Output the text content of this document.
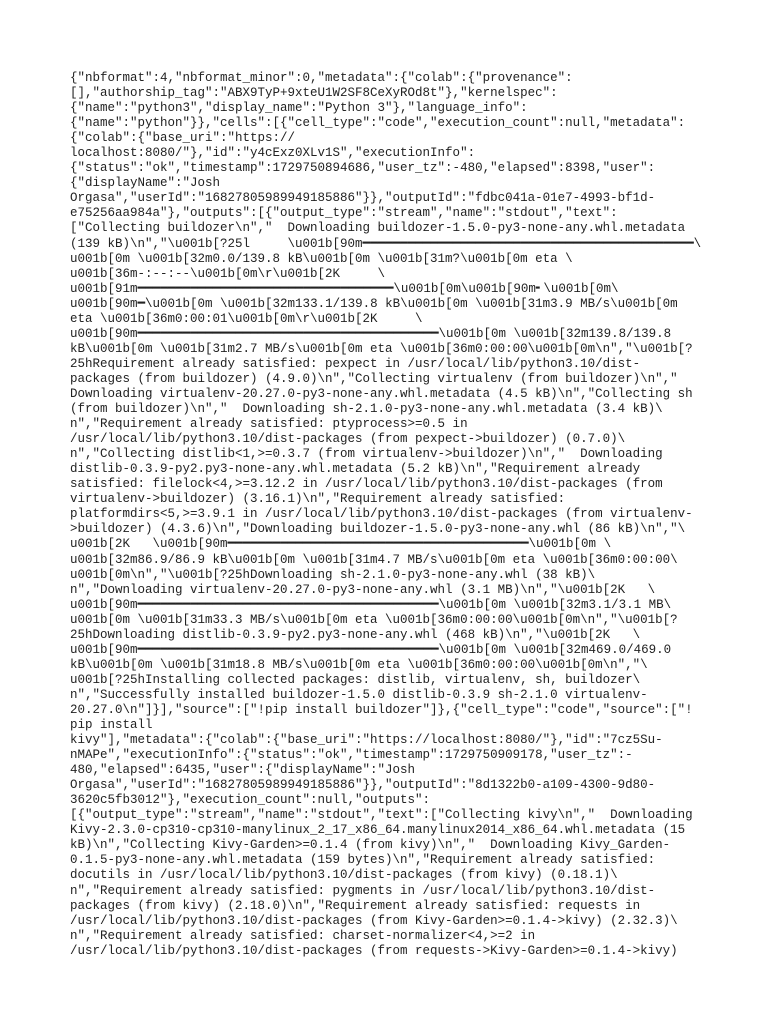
{"nbformat":4,"nbformat_minor":0,"metadata":{"colab":{"provenance":
[],"authorship_tag":"ABX9TyP+9xteU1W2SF8CeXyROd8t"},"kernelspec":
{"name":"python3","display_name":"Python 3"},"language_info":
{"name":"python"}},"cells":[{"cell_type":"code","execution_count":null,"metadata":
{"colab":{"base_uri":"https://
localhost:8080/"},"id":"y4cExz0XLv1S","executionInfo":
{"status":"ok","timestamp":1729750894686,"user_tz":-480,"elapsed":8398,"user":
{"displayName":"Josh
Orgasa","userId":"16827805989949185886"}},"outputId":"fdbc041a-01e7-4993-bf1d-
e75256aa984a"},"outputs":[{"output_type":"stream","name":"stdout","text":
["Collecting buildozer\n","  Downloading buildozer-1.5.0-py3-none-any.whl.metadata
(139 kB)\n","\u001b[?25l     \u001b[90m━━━━━━━━━━━━━━━━━━━━━━━━━━━━━━━━━━━━━━━━━━━━\
u001b[0m \u001b[32m0.0/139.8 kB\u001b[0m \u001b[31m?\u001b[0m eta \
u001b[36m-:--:--\u001b[0m\r\u001b[2K     \
u001b[91m━━━━━━━━━━━━━━━━━━━━━━━━━━━━━━━━━━\u001b[0m\u001b[90m╸\u001b[0m\
u001b[90m━\u001b[0m \u001b[32m133.1/139.8 kB\u001b[0m \u001b[31m3.9 MB/s\u001b[0m
eta \u001b[36m0:00:01\u001b[0m\r\u001b[2K     \
u001b[90m━━━━━━━━━━━━━━━━━━━━━━━━━━━━━━━━━━━━━━━━\u001b[0m \u001b[32m139.8/139.8
kB\u001b[0m \u001b[31m2.7 MB/s\u001b[0m eta \u001b[36m0:00:00\u001b[0m\n","\u001b[?
25hRequirement already satisfied: pexpect in /usr/local/lib/python3.10/dist-
packages (from buildozer) (4.9.0)\n","Collecting virtualenv (from buildozer)\n","
Downloading virtualenv-20.27.0-py3-none-any.whl.metadata (4.5 kB)\n","Collecting sh
(from buildozer)\n","  Downloading sh-2.1.0-py3-none-any.whl.metadata (3.4 kB)\
n","Requirement already satisfied: ptyprocess>=0.5 in
/usr/local/lib/python3.10/dist-packages (from pexpect->buildozer) (0.7.0)\
n","Collecting distlib<1,>=0.3.7 (from virtualenv->buildozer)\n","  Downloading
distlib-0.3.9-py2.py3-none-any.whl.metadata (5.2 kB)\n","Requirement already
satisfied: filelock<4,>=3.12.2 in /usr/local/lib/python3.10/dist-packages (from
virtualenv->buildozer) (3.16.1)\n","Requirement already satisfied:
platformdirs<5,>=3.9.1 in /usr/local/lib/python3.10/dist-packages (from virtualenv-
>buildozer) (4.3.6)\n","Downloading buildozer-1.5.0-py3-none-any.whl (86 kB)\n","\
u001b[2K   \u001b[90m━━━━━━━━━━━━━━━━━━━━━━━━━━━━━━━━━━━━━━━━\u001b[0m \
u001b[32m86.9/86.9 kB\u001b[0m \u001b[31m4.7 MB/s\u001b[0m eta \u001b[36m0:00:00\
u001b[0m\n","\u001b[?25hDownloading sh-2.1.0-py3-none-any.whl (38 kB)\
n","Downloading virtualenv-20.27.0-py3-none-any.whl (3.1 MB)\n","\u001b[2K   \
u001b[90m━━━━━━━━━━━━━━━━━━━━━━━━━━━━━━━━━━━━━━━━\u001b[0m \u001b[32m3.1/3.1 MB\
u001b[0m \u001b[31m33.3 MB/s\u001b[0m eta \u001b[36m0:00:00\u001b[0m\n","\u001b[?
25hDownloading distlib-0.3.9-py2.py3-none-any.whl (468 kB)\n","\u001b[2K   \
u001b[90m━━━━━━━━━━━━━━━━━━━━━━━━━━━━━━━━━━━━━━━━\u001b[0m \u001b[32m469.0/469.0
kB\u001b[0m \u001b[31m18.8 MB/s\u001b[0m eta \u001b[36m0:00:00\u001b[0m\n","\
u001b[?25hInstalling collected packages: distlib, virtualenv, sh, buildozer\
n","Successfully installed buildozer-1.5.0 distlib-0.3.9 sh-2.1.0 virtualenv-
20.27.0\n"]}],"source":["!pip install buildozer"]},{"cell_type":"code","source":["!
pip install
kivy"],"metadata":{"colab":{"base_uri":"https://localhost:8080/"},"id":"7cz5Su-
nMAPe","executionInfo":{"status":"ok","timestamp":1729750909178,"user_tz":-
480,"elapsed":6435,"user":{"displayName":"Josh
Orgasa","userId":"16827805989949185886"}},"outputId":"8d1322b0-a109-4300-9d80-
3620c5fb3012"},"execution_count":null,"outputs":
[{"output_type":"stream","name":"stdout","text":["Collecting kivy\n","  Downloading
Kivy-2.3.0-cp310-cp310-manylinux_2_17_x86_64.manylinux2014_x86_64.whl.metadata (15
kB)\n","Collecting Kivy-Garden>=0.1.4 (from kivy)\n","  Downloading Kivy_Garden-
0.1.5-py3-none-any.whl.metadata (159 bytes)\n","Requirement already satisfied:
docutils in /usr/local/lib/python3.10/dist-packages (from kivy) (0.18.1)\
n","Requirement already satisfied: pygments in /usr/local/lib/python3.10/dist-
packages (from kivy) (2.18.0)\n","Requirement already satisfied: requests in
/usr/local/lib/python3.10/dist-packages (from Kivy-Garden>=0.1.4->kivy) (2.32.3)\
n","Requirement already satisfied: charset-normalizer<4,>=2 in
/usr/local/lib/python3.10/dist-packages (from requests->Kivy-Garden>=0.1.4->kivy)
